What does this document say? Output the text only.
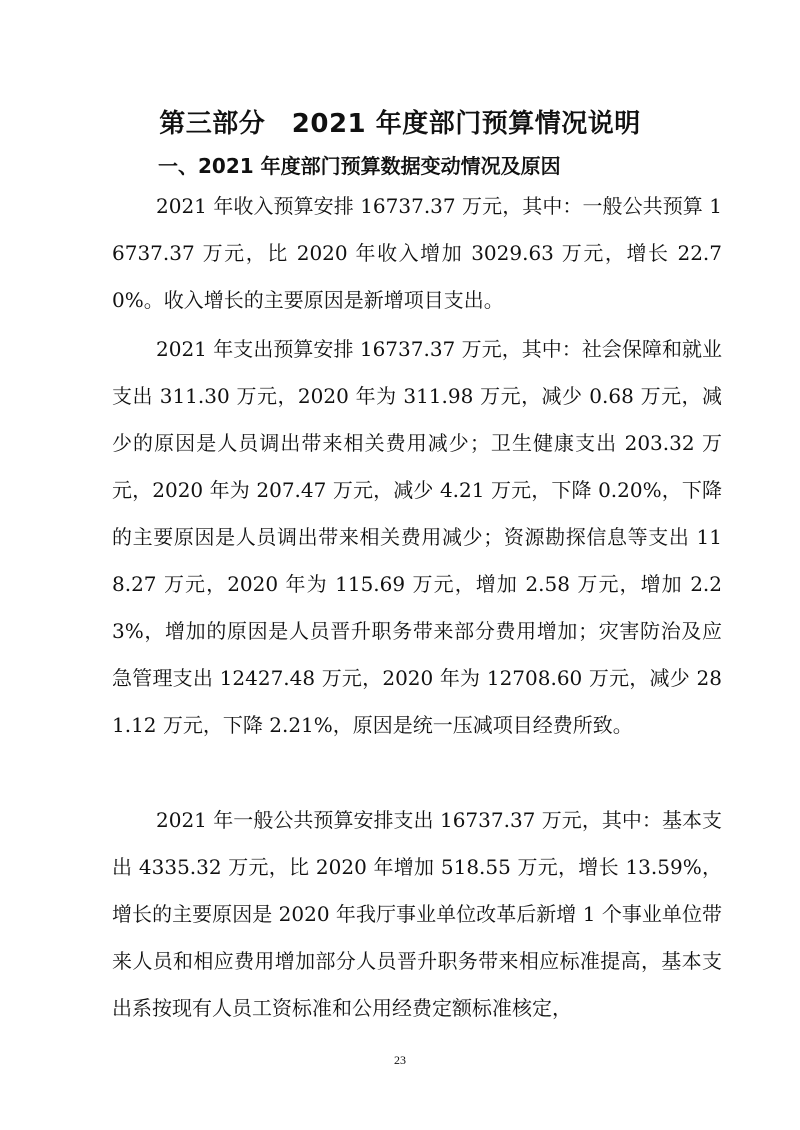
第三部分　2021 年度部门预算情况说明
一、2021 年度部门预算数据变动情况及原因

2021 年收入预算安排 16737.37 万元，其中：一般公共预算 16737.37 万元，比 2020 年收入增加 3029.63 万元，增长 22.70%。收入增长的主要原因是新增项目支出。

2021 年支出预算安排 16737.37 万元，其中：社会保障和就业支出 311.30 万元，2020 年为 311.98 万元，减少 0.68 万元，减少的原因是人员调出带来相关费用减少；卫生健康支出 203.32 万元，2020 年为 207.47 万元，减少 4.21 万元，下降 0.20%，下降的主要原因是人员调出带来相关费用减少；资源勘探信息等支出 118.27 万元，2020 年为 115.69 万元，增加 2.58 万元，增加 2.23%，增加的原因是人员晋升职务带来部分费用增加；灾害防治及应急管理支出 12427.48 万元，2020 年为 12708.60 万元，减少 281.12 万元，下降 2.21%，原因是统一压减项目经费所致。

2021 年一般公共预算安排支出 16737.37 万元，其中：基本支出 4335.32 万元，比 2020 年增加 518.55 万元，增长 13.59%，增长的主要原因是 2020 年我厅事业单位改革后新增 1 个事业单位带来人员和相应费用增加部分人员晋升职务带来相应标准提高，基本支出系按现有人员工资标准和公用经费定额标准核定，

23
